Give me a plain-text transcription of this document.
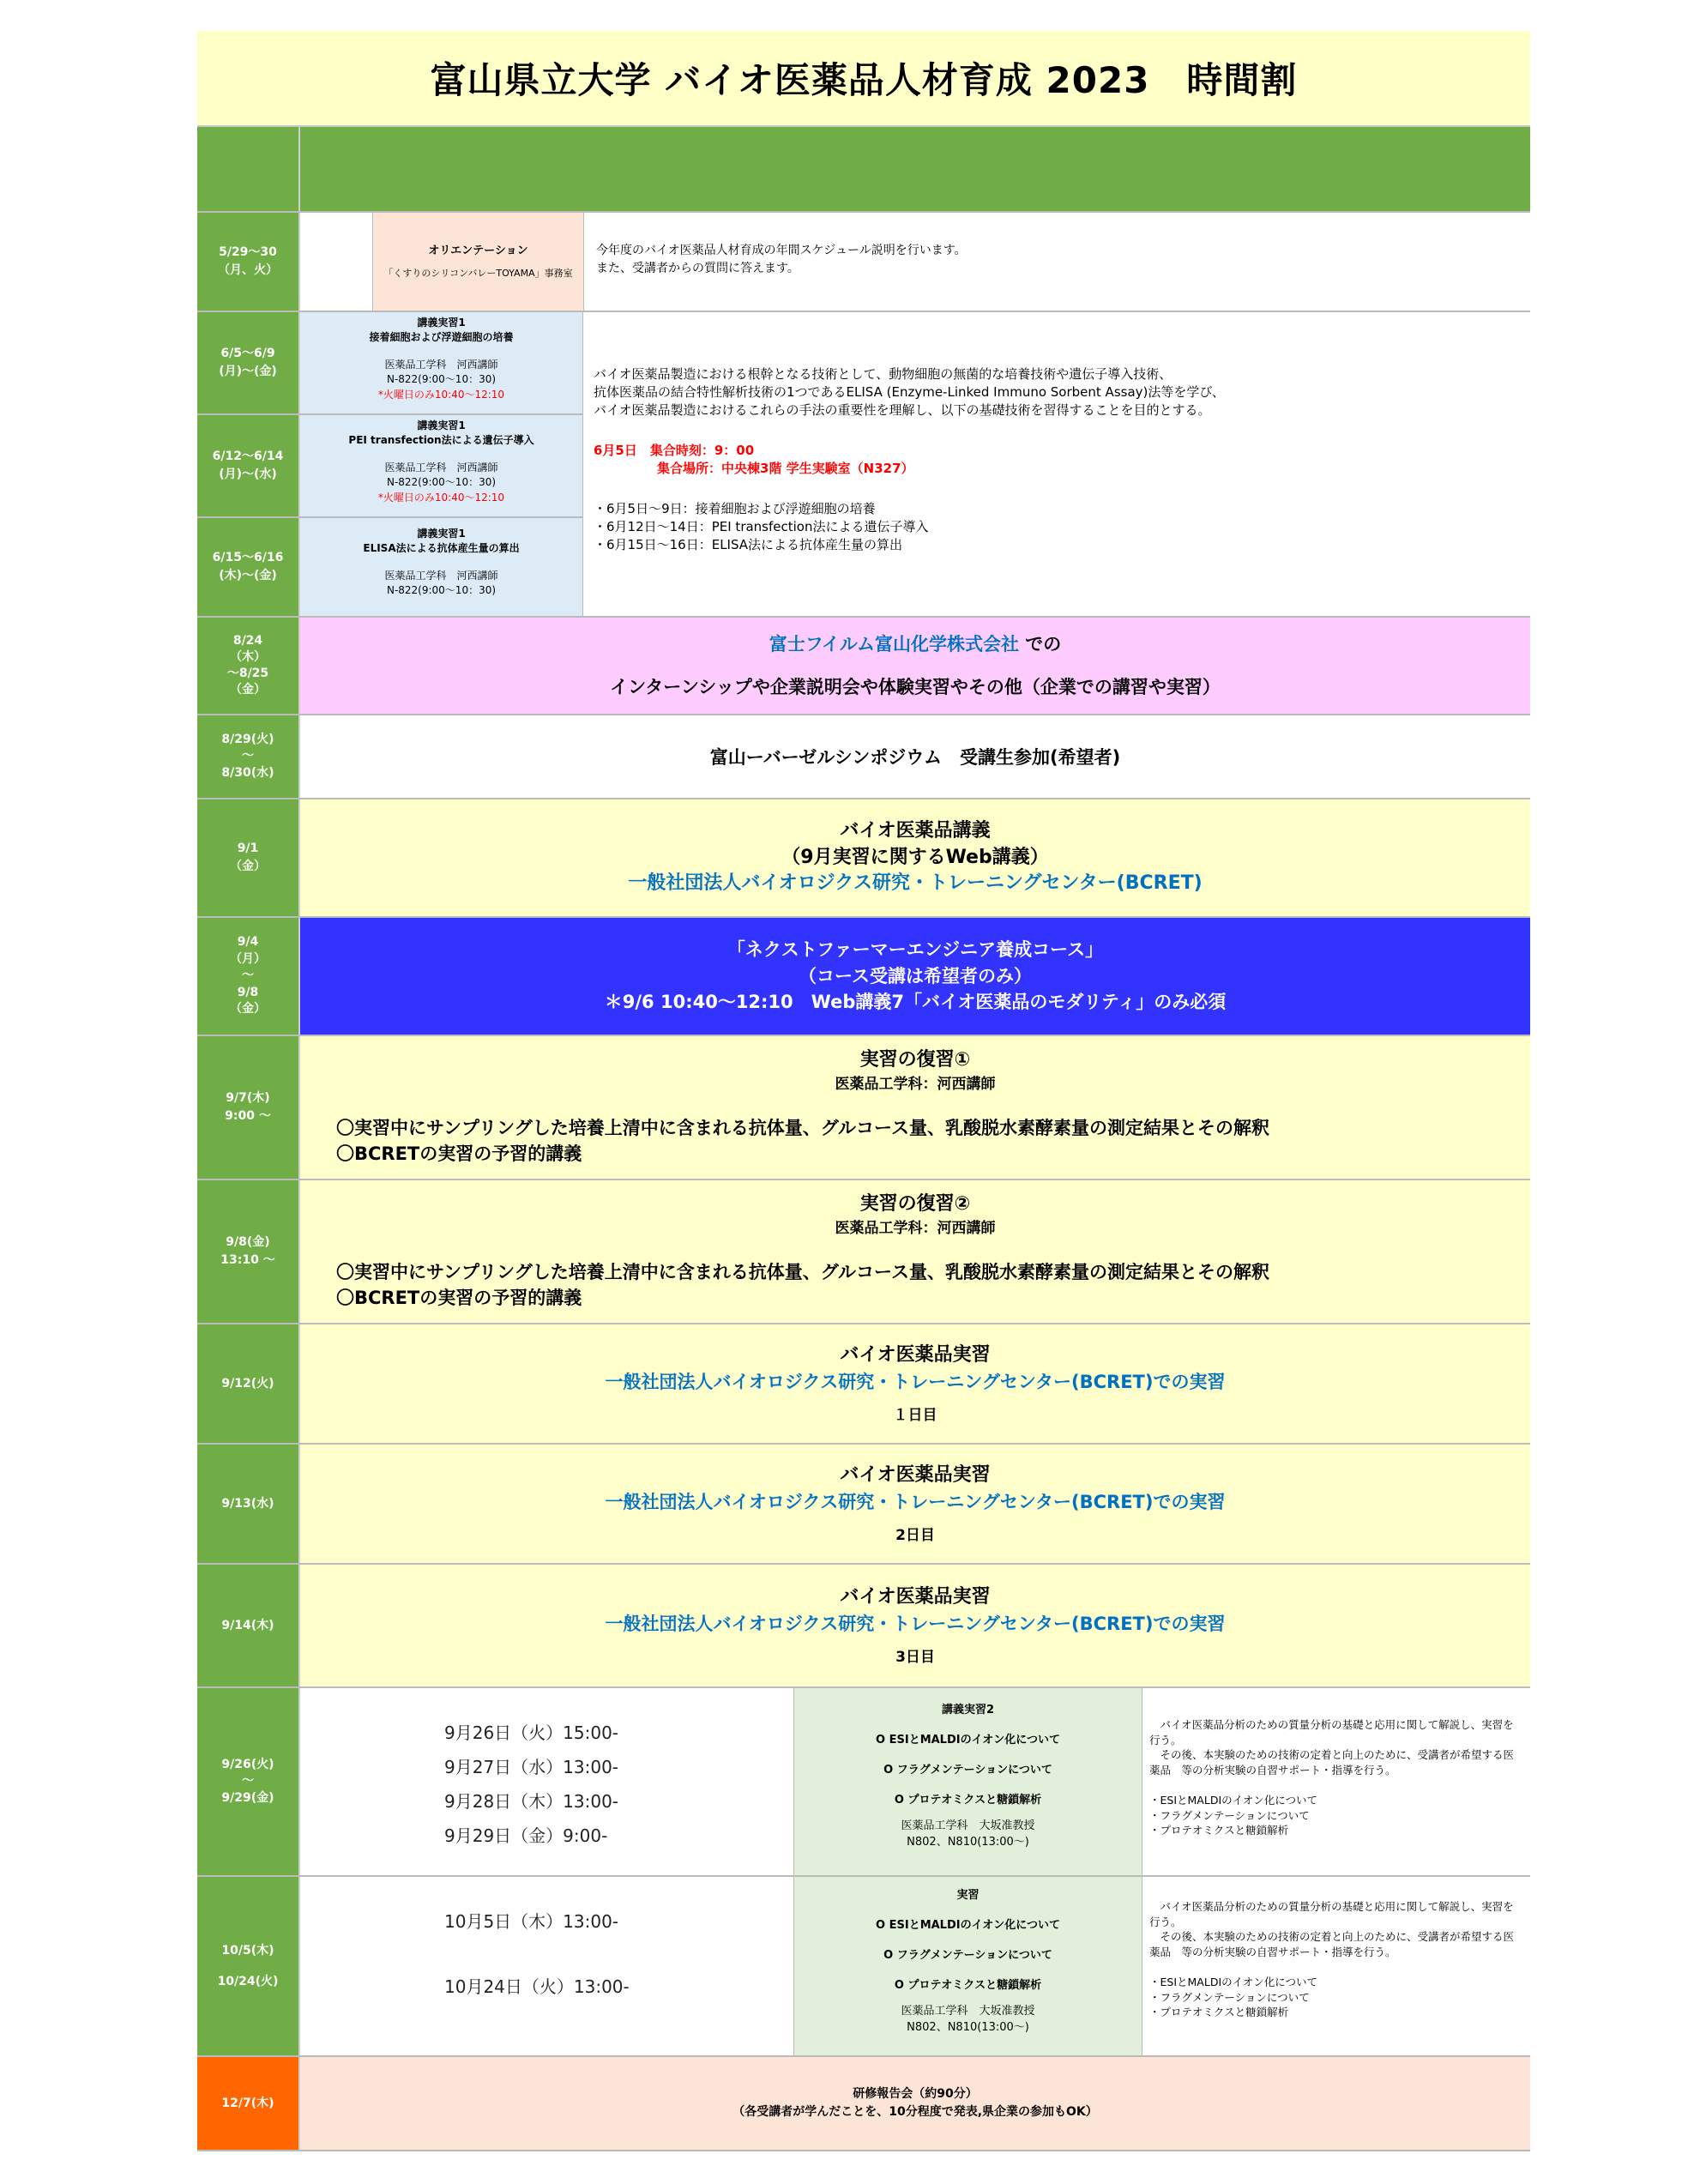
富山県立大学 バイオ医薬品人材育成 2023　時間割
5/29〜30
（月、火）
オリエンテーション
「くすりのシリコンバレーTOYAMA」事務室
今年度のバイオ医薬品人材育成の年間スケジュール説明を行います。
また、受講者からの質問に答えます。
6/5〜6/9
(月)〜(金)
講義実習1
接着細胞および浮遊細胞の培養
医薬品工学科　河西講師
N-822(9:00〜10：30)
*火曜日のみ10:40〜12:10
6/12〜6/14
(月)〜(水)
講義実習1
PEI transfection法による遺伝子導入
医薬品工学科　河西講師
N-822(9:00〜10：30)
*火曜日のみ10:40〜12:10
6/15〜6/16
(木)〜(金)
講義実習1
ELISA法による抗体産生量の算出
医薬品工学科　河西講師
N-822(9:00〜10：30)
バイオ医薬品製造における根幹となる技術として、動物細胞の無菌的な培養技術や遺伝子導入技術、
抗体医薬品の結合特性解析技術の1つであるELISA (Enzyme-Linked Immuno Sorbent Assay)法等を学び、
バイオ医薬品製造におけるこれらの手法の重要性を理解し、以下の基礎技術を習得することを目的とする。
6月5日　集合時刻：9：00
集合場所：中央棟3階 学生実験室（N327）
・6月5日〜9日：接着細胞および浮遊細胞の培養
・6月12日〜14日：PEI transfection法による遺伝子導入
・6月15日〜16日：ELISA法による抗体産生量の算出
8/24
（木）
〜8/25
（金）
富士フイルム富山化学株式会社 での
インターンシップや企業説明会や体験実習やその他（企業での講習や実習）
8/29(火)
〜
8/30(水)
富山ーバーゼルシンポジウム　受講生参加(希望者)
9/1
（金）
バイオ医薬品講義
（9月実習に関するWeb講義）
一般社団法人バイオロジクス研究・トレーニングセンター(BCRET)
9/4
（月）
〜
9/8
（金）
「ネクストファーマーエンジニア養成コース」
（コース受講は希望者のみ）
＊9/6 10:40〜12:10　Web講義7「バイオ医薬品のモダリティ」のみ必須
9/7(木)
9:00 〜
実習の復習①
医薬品工学科：河西講師
〇実習中にサンプリングした培養上清中に含まれる抗体量、グルコース量、乳酸脱水素酵素量の測定結果とその解釈
〇BCRETの実習の予習的講義
9/8(金)
13:10 〜
実習の復習②
医薬品工学科：河西講師
〇実習中にサンプリングした培養上清中に含まれる抗体量、グルコース量、乳酸脱水素酵素量の測定結果とその解釈
〇BCRETの実習の予習的講義
9/12(火)
バイオ医薬品実習
一般社団法人バイオロジクス研究・トレーニングセンター(BCRET)での実習
１日目
9/13(水)
バイオ医薬品実習
一般社団法人バイオロジクス研究・トレーニングセンター(BCRET)での実習
2日目
9/14(木)
バイオ医薬品実習
一般社団法人バイオロジクス研究・トレーニングセンター(BCRET)での実習
3日目
9/26(火)
〜
9/29(金)
9月26日（火）15:00-
9月27日（水）13:00-
9月28日（木）13:00-
9月29日（金）9:00-
講義実習2
O ESIとMALDIのイオン化について
O フラグメンテーションについて
O プロテオミクスと糖鎖解析
医薬品工学科　大坂准教授
N802、N810(13:00〜)
　バイオ医薬品分析のための質量分析の基礎と応用に関して解説し、実習を行う。
　その後、本実験のための技術の定着と向上のために、受講者が希望する医薬品　等の分析実験の自習サポート・指導を行う。
・ESIとMALDIのイオン化について
・フラグメンテーションについて
・プロテオミクスと糖鎖解析
10/5(木)
10/24(火)
10月5日（木）13:00-
10月24日（火）13:00-
実習
O ESIとMALDIのイオン化について
O フラグメンテーションについて
O プロテオミクスと糖鎖解析
医薬品工学科　大坂准教授
N802、N810(13:00〜)
　バイオ医薬品分析のための質量分析の基礎と応用に関して解説し、実習を行う。
　その後、本実験のための技術の定着と向上のために、受講者が希望する医薬品　等の分析実験の自習サポート・指導を行う。
・ESIとMALDIのイオン化について
・フラグメンテーションについて
・プロテオミクスと糖鎖解析
12/7(木)
研修報告会（約90分）
（各受講者が学んだことを、10分程度で発表,県企業の参加もOK）
